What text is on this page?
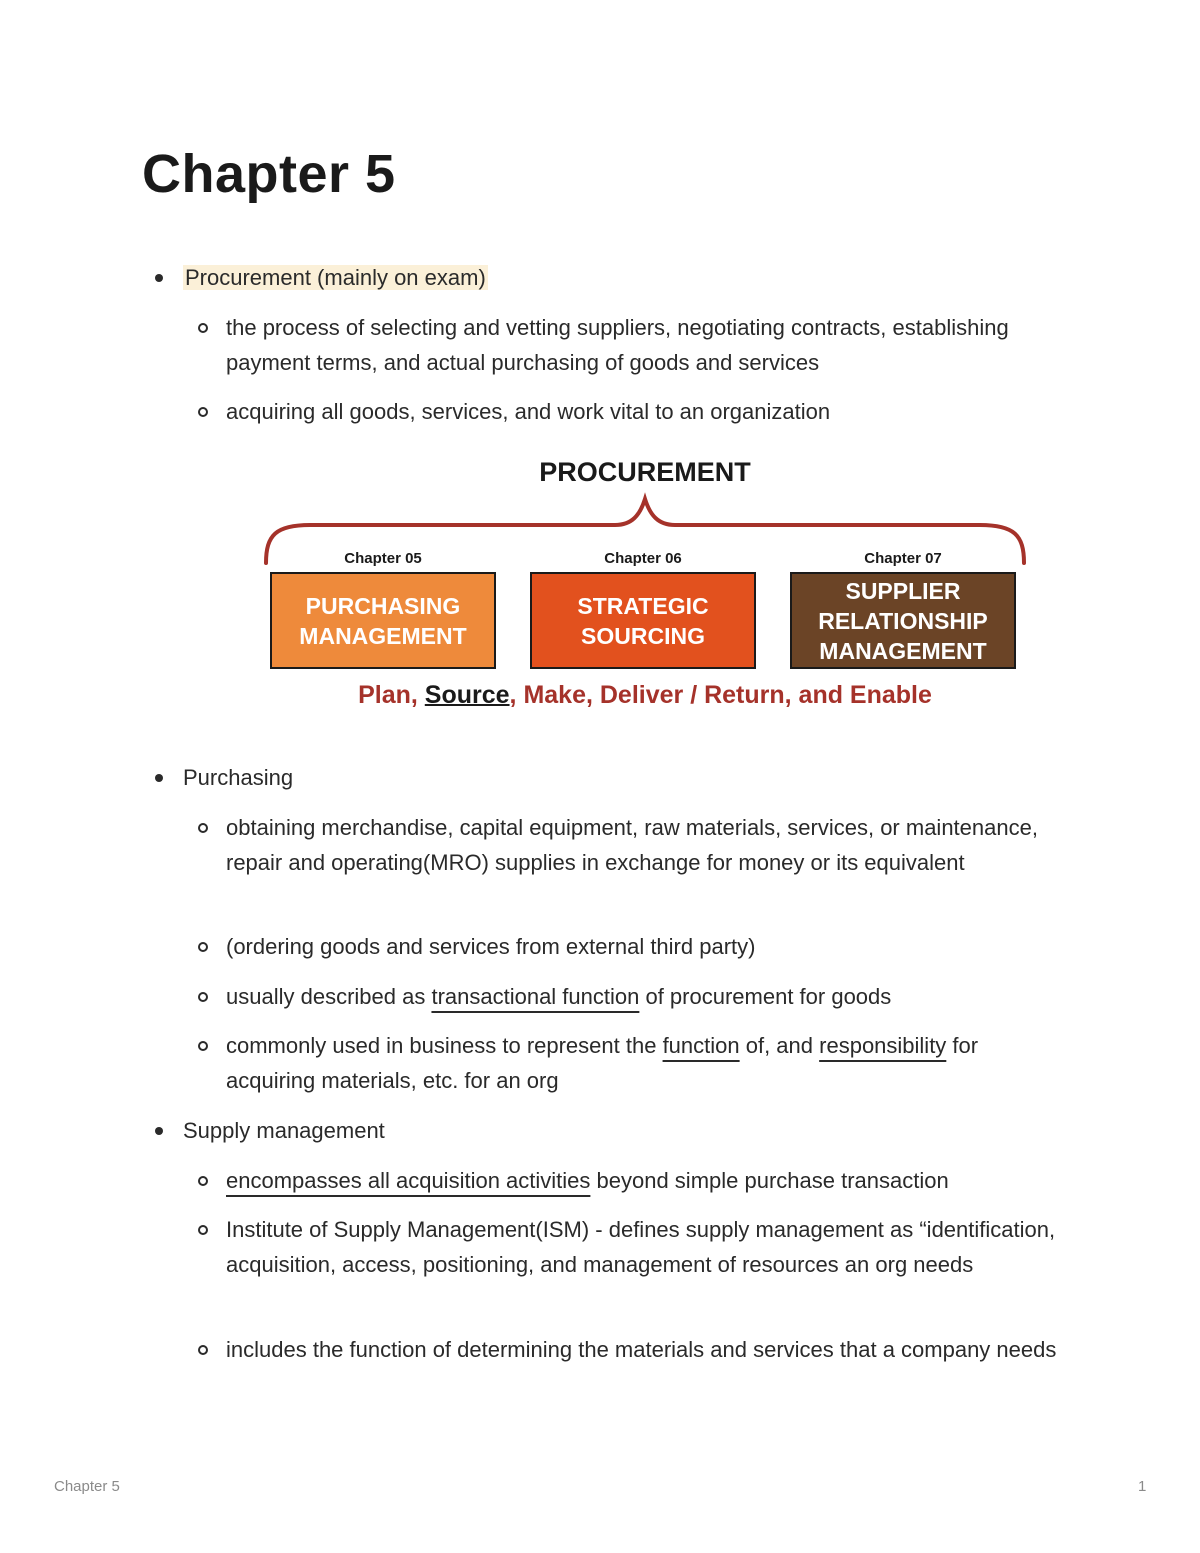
Chapter 5
Procurement (mainly on exam)
the process of selecting and vetting suppliers, negotiating contracts, establishing payment terms, and actual purchasing of goods and services
acquiring all goods, services, and work vital to an organization
PROCUREMENT
Chapter 05
PURCHASING
MANAGEMENT
Chapter 06
STRATEGIC
SOURCING
Chapter 07
SUPPLIER
RELATIONSHIP
MANAGEMENT
Plan, Source, Make, Deliver / Return, and Enable
Purchasing
obtaining merchandise, capital equipment, raw materials, services, or maintenance, repair and operating(MRO) supplies in exchange for money or its equivalent
(ordering goods and services from external third party)
usually described as transactional function of procurement for goods
commonly used in business to represent the function of, and responsibility for acquiring materials, etc. for an org
Supply management
encompasses all acquisition activities beyond simple purchase transaction
Institute of Supply Management(ISM) - defines supply management as “identification, acquisition, access, positioning, and management of resources an org needs
includes the function of determining the materials and services that a company needs
Chapter 5	1
